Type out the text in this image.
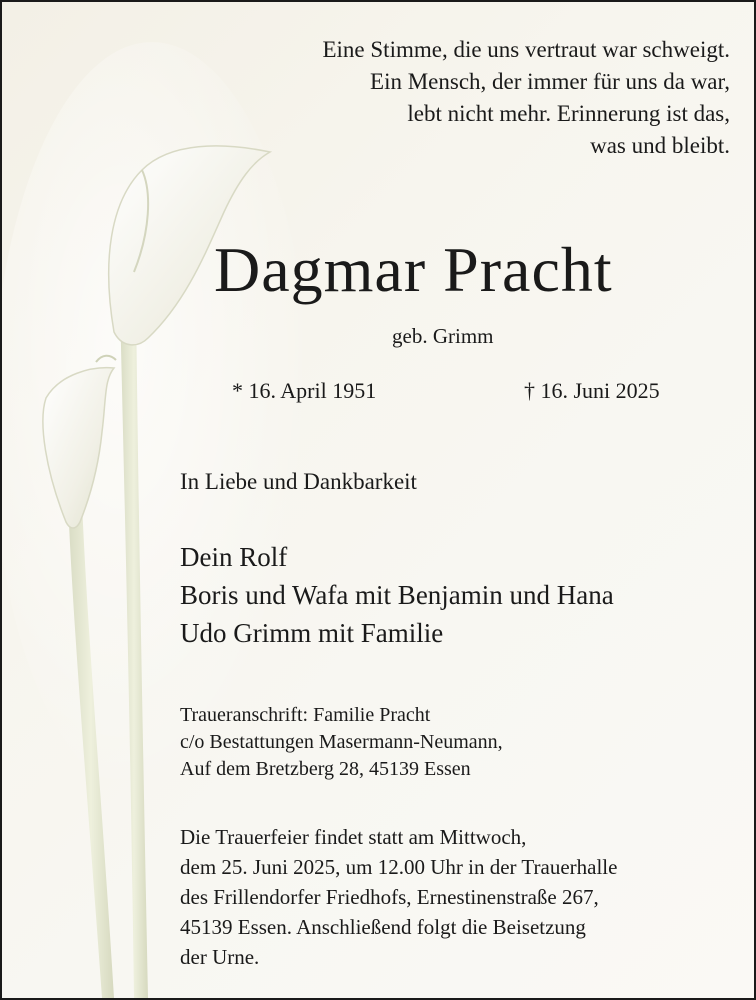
Eine Stimme, die uns vertraut war schweigt.
Ein Mensch, der immer für uns da war,
lebt nicht mehr. Erinnerung ist das,
was und bleibt.
Dagmar Pracht
geb. Grimm
* 16. April 1951	† 16. Juni 2025
In Liebe und Dankbarkeit
Dein Rolf
Boris und Wafa mit Benjamin und Hana
Udo Grimm mit Familie
Traueranschrift: Familie Pracht
c/o Bestattungen Masermann-Neumann,
Auf dem Bretzberg 28, 45139 Essen
Die Trauerfeier findet statt am Mittwoch,
dem 25. Juni 2025, um 12.00 Uhr in der Trauerhalle
des Frillendorfer Friedhofs, Ernestinenstraße 267,
45139 Essen. Anschließend folgt die Beisetzung
der Urne.
